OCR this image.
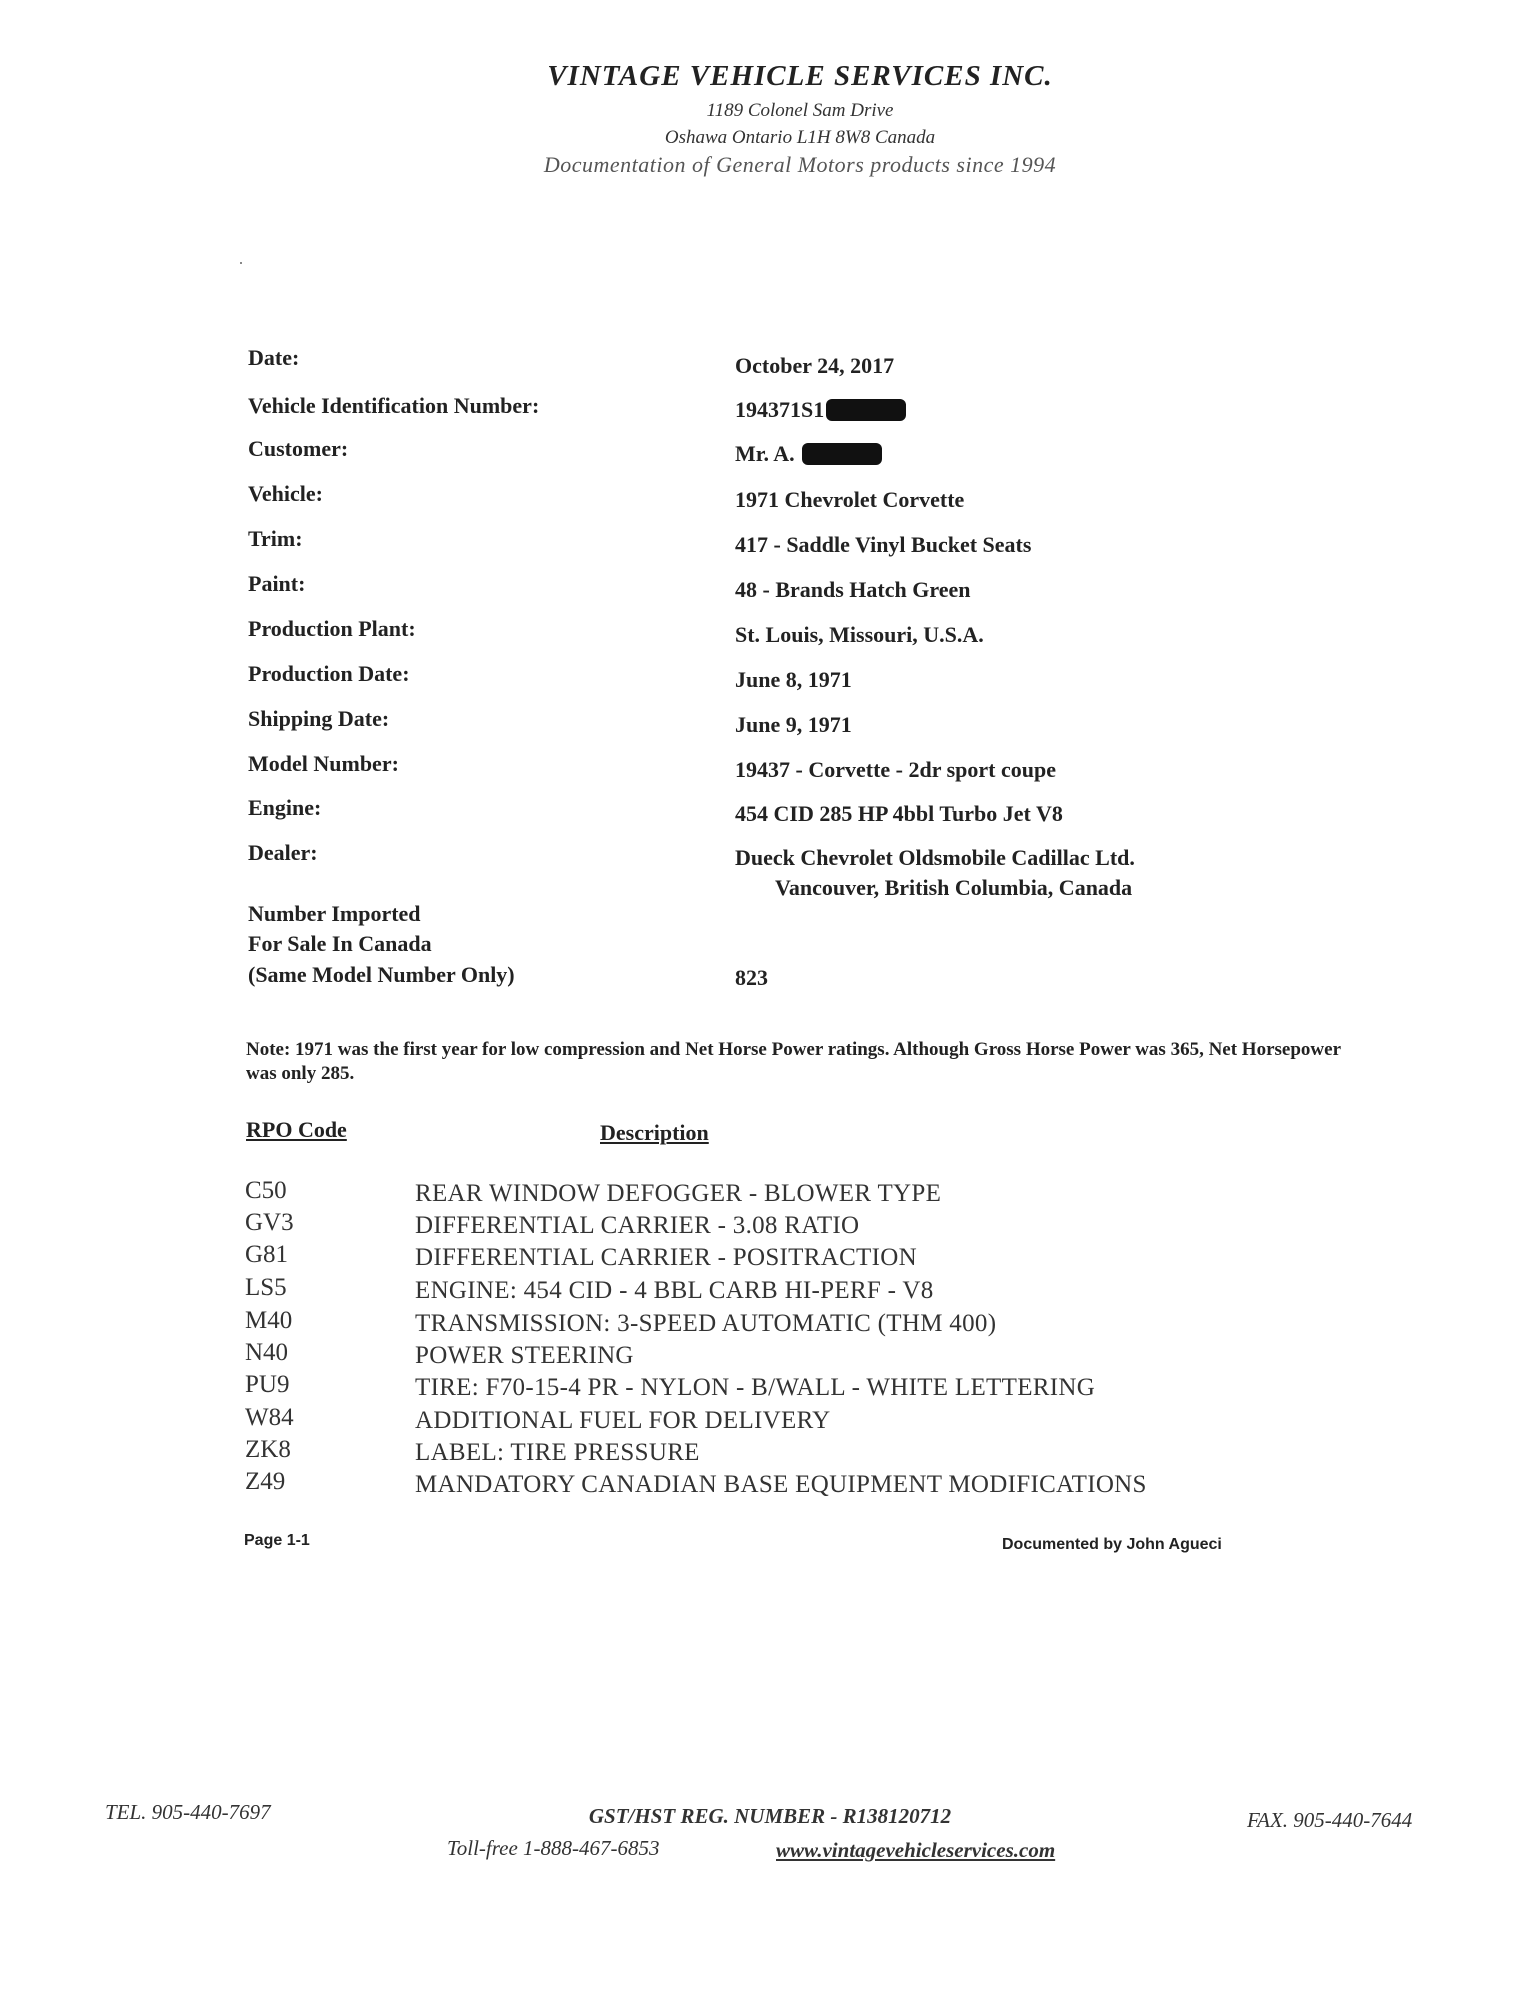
VINTAGE VEHICLE SERVICES INC.
1189 Colonel Sam Drive
Oshawa Ontario L1H 8W8 Canada
Documentation of General Motors products since 1994
Date:	October 24, 2017
Vehicle Identification Number:	194371S1
Customer:	Mr. A.
Vehicle:	1971 Chevrolet Corvette
Trim:	417 - Saddle Vinyl Bucket Seats
Paint:	48 - Brands Hatch Green
Production Plant:	St. Louis, Missouri, U.S.A.
Production Date:	June 8, 1971
Shipping Date:	June 9, 1971
Model Number:	19437 - Corvette - 2dr sport coupe
Engine:	454 CID 285 HP 4bbl Turbo Jet V8
Dealer:	Dueck Chevrolet Oldsmobile Cadillac Ltd.
Vancouver, British Columbia, Canada
Number Imported
For Sale In Canada
(Same Model Number Only)	823
Note: 1971 was the first year for low compression and Net Horse Power ratings. Although Gross Horse Power was 365, Net Horsepower was only 285.
RPO Code	Description
C50	REAR WINDOW DEFOGGER - BLOWER TYPE
GV3	DIFFERENTIAL CARRIER - 3.08 RATIO
G81	DIFFERENTIAL CARRIER - POSITRACTION
LS5	ENGINE: 454 CID - 4 BBL CARB HI-PERF - V8
M40	TRANSMISSION: 3-SPEED AUTOMATIC (THM 400)
N40	POWER STEERING
PU9	TIRE: F70-15-4 PR - NYLON - B/WALL - WHITE LETTERING
W84	ADDITIONAL FUEL FOR DELIVERY
ZK8	LABEL: TIRE PRESSURE
Z49	MANDATORY CANADIAN BASE EQUIPMENT MODIFICATIONS
Page 1-1	Documented by John Agueci
TEL. 905-440-7697	GST/HST REG. NUMBER - R138120712
Toll-free 1-888-467-6853	www.vintagevehicleservices.com
FAX. 905-440-7644
